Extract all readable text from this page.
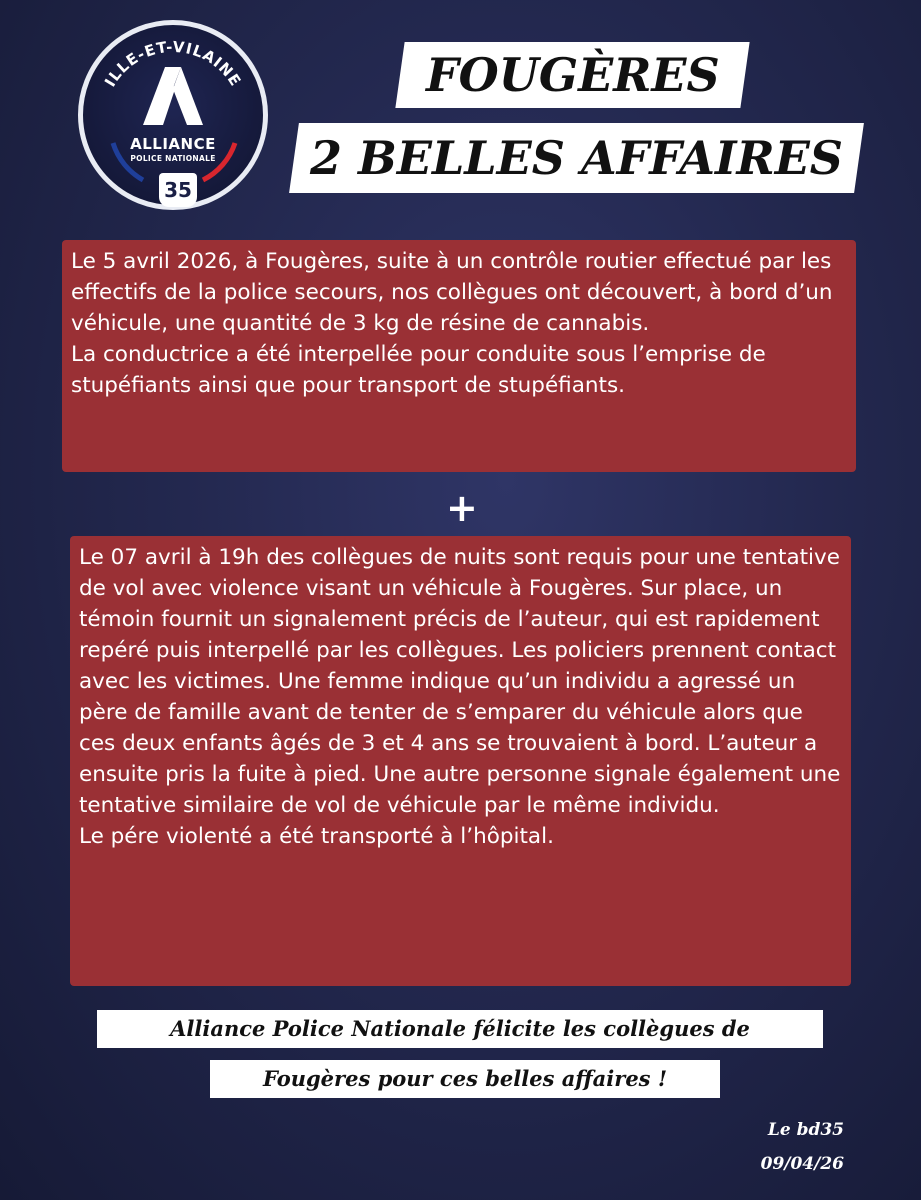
ILLE-ET-VILAINE
ALLIANCE
POLICE NATIONALE
35
FOUGÈRES
2 BELLES AFFAIRES

Le 5 avril 2026, à Fougères, suite à un contrôle routier effectué par les effectifs de la police secours, nos collègues ont découvert, à bord d’un véhicule, une quantité de 3 kg de résine de cannabis.

La conductrice a été interpellée pour conduite sous l’emprise de stupéfiants ainsi que pour transport de stupéfiants.

+

Le 07 avril à 19h des collègues de nuits sont requis pour une tentative de vol avec violence visant un véhicule à Fougères. Sur place, un témoin fournit un signalement précis de l’auteur, qui est rapidement repéré puis interpellé par les collègues. Les policiers prennent contact avec les victimes. Une femme indique qu’un individu a agressé un père de famille avant de tenter de s’emparer du véhicule alors que ces deux enfants âgés de 3 et 4 ans se trouvaient à bord. L’auteur a ensuite pris la fuite à pied. Une autre personne signale également une tentative similaire de vol de véhicule par le même individu.

Le pére violenté a été transporté à l’hôpital.

Alliance Police Nationale félicite les collègues de
Fougères pour ces belles affaires !
Le bd35
09/04/26
